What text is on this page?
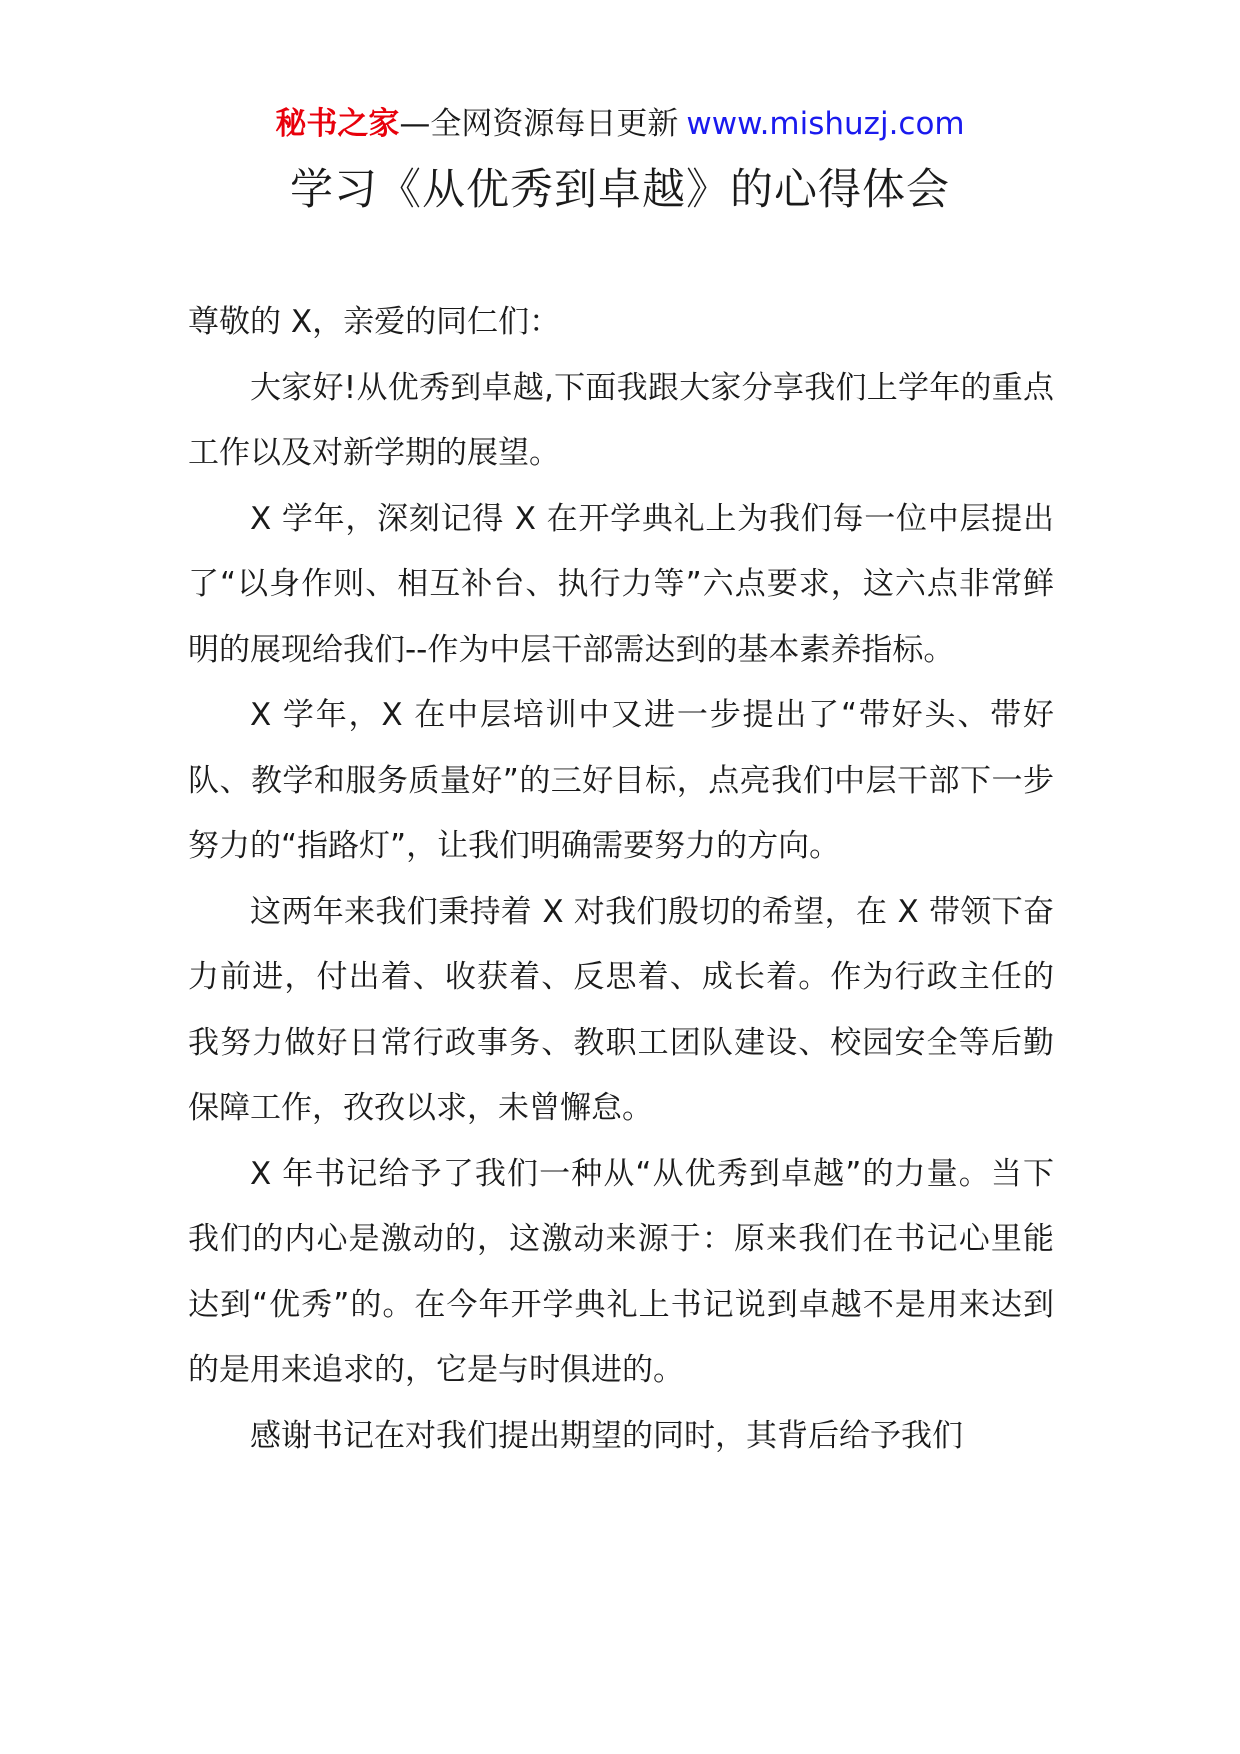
秘书之家—全网资源每日更新 www.mishuzj.com
学习《从优秀到卓越》的心得体会

尊敬的 X，亲爱的同仁们：

大家好!从优秀到卓越,下面我跟大家分享我们上学年的重点工作以及对新学期的展望。

X 学年，深刻记得 X 在开学典礼上为我们每一位中层提出了“以身作则、相互补台、执行力等”六点要求，这六点非常鲜明的展现给我们--作为中层干部需达到的基本素养指标。

X 学年，X 在中层培训中又进一步提出了“带好头、带好队、教学和服务质量好”的三好目标，点亮我们中层干部下一步努力的“指路灯”，让我们明确需要努力的方向。

这两年来我们秉持着 X 对我们殷切的希望，在 X 带领下奋力前进，付出着、收获着、反思着、成长着。作为行政主任的我努力做好日常行政事务、教职工团队建设、校园安全等后勤保障工作，孜孜以求，未曾懈怠。

X 年书记给予了我们一种从“从优秀到卓越”的力量。当下我们的内心是激动的，这激动来源于：原来我们在书记心里能达到“优秀”的。在今年开学典礼上书记说到卓越不是用来达到的是用来追求的，它是与时俱进的。

感谢书记在对我们提出期望的同时，其背后给予我们
